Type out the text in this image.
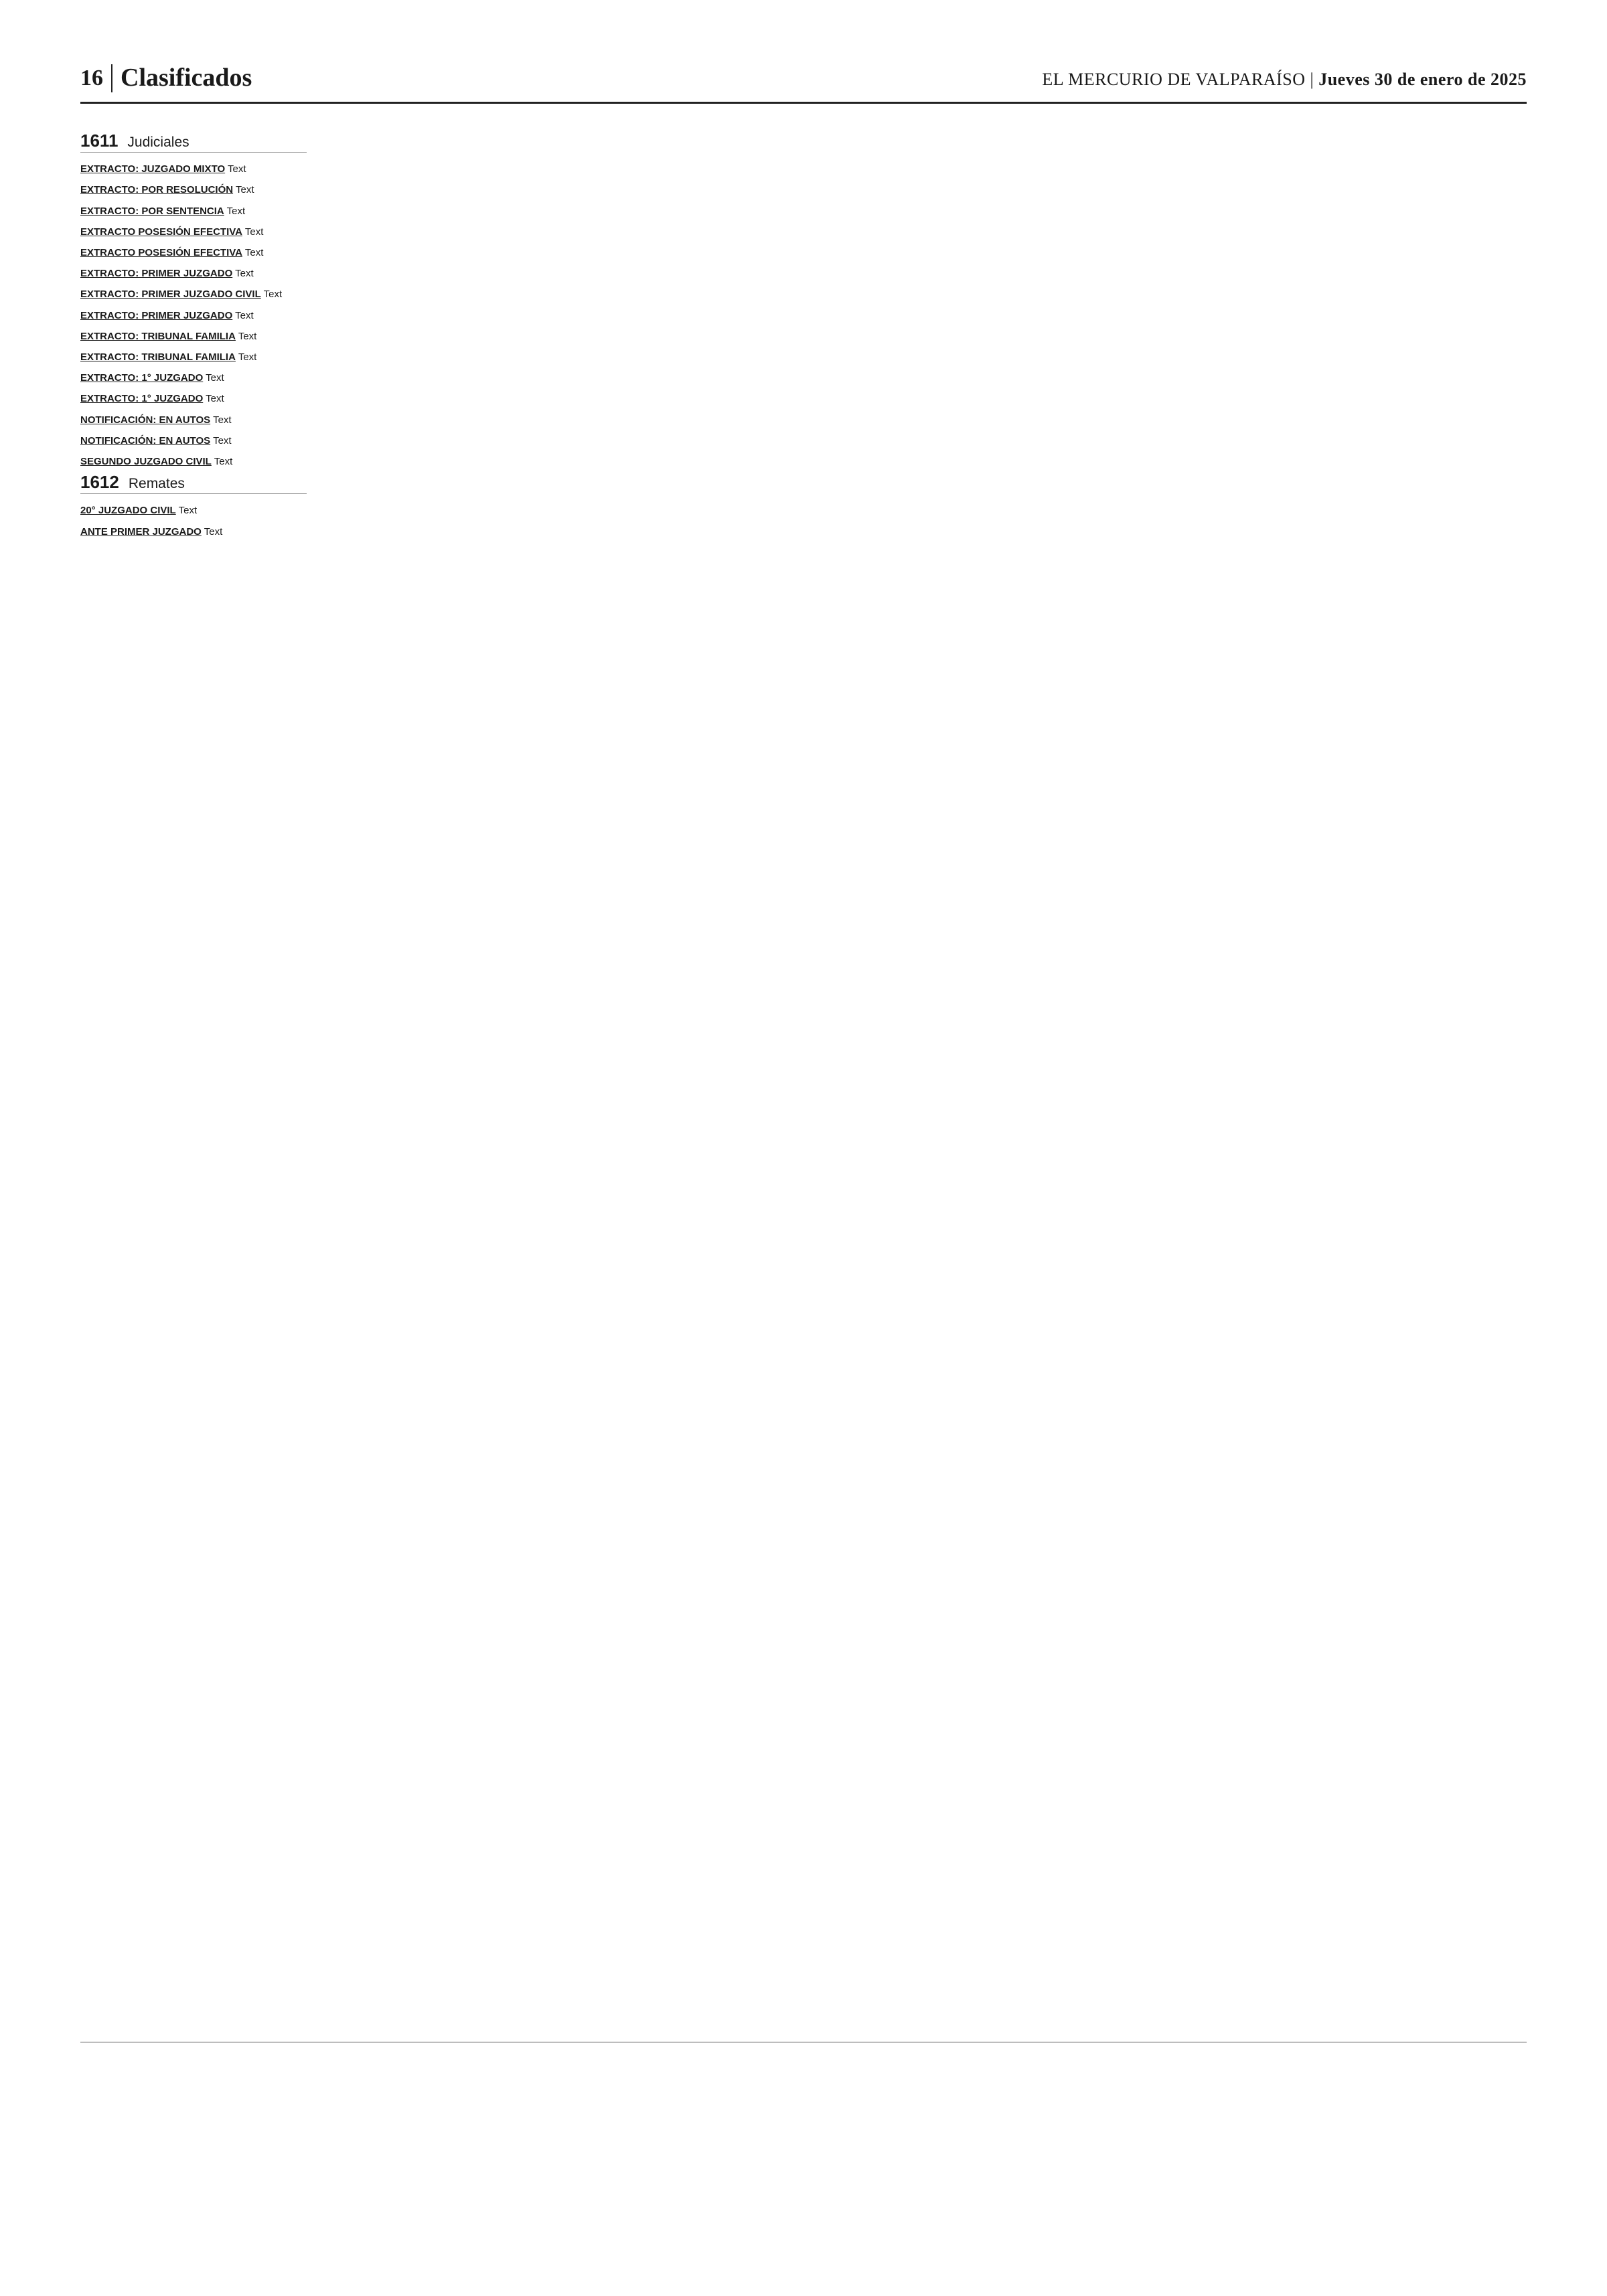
16 Clasificados	EL MERCURIO DE VALPARAÍSO | Jueves 30 de enero de 2025
1611 Judiciales

EXTRACTO: JUZGADO MIXTO Text

EXTRACTO: POR RESOLUCIÓN Text

EXTRACTO: POR SENTENCIA Text

EXTRACTO POSESIÓN EFECTIVA Text

EXTRACTO POSESIÓN EFECTIVA Text

EXTRACTO: PRIMER JUZGADO Text

EXTRACTO: PRIMER JUZGADO CIVIL Text

EXTRACTO: PRIMER JUZGADO Text

EXTRACTO: TRIBUNAL FAMILIA Text

EXTRACTO: TRIBUNAL FAMILIA Text

EXTRACTO: 1° JUZGADO Text

EXTRACTO: 1° JUZGADO Text

NOTIFICACIÓN: EN AUTOS Text

NOTIFICACIÓN: EN AUTOS Text

SEGUNDO JUZGADO CIVIL Text

1612 Remates

20° JUZGADO CIVIL Text

ANTE PRIMER JUZGADO Text
